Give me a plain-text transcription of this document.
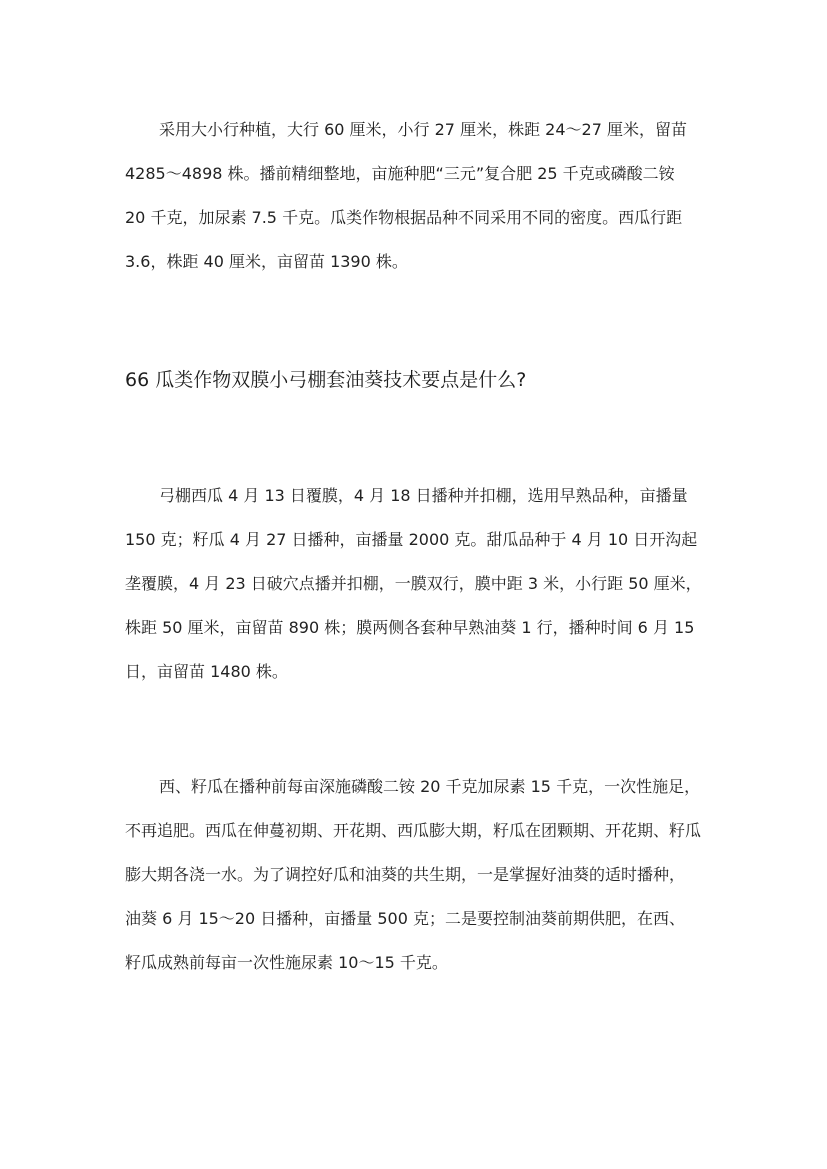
采用大小行种植，大行 60 厘米，小行 27 厘米，株距 24～27 厘米，留苗
4285～4898 株。播前精细整地，亩施种肥“三元”复合肥 25 千克或磷酸二铵
20 千克，加尿素 7.5 千克。瓜类作物根据品种不同采用不同的密度。西瓜行距
3.6，株距 40 厘米，亩留苗 1390 株。
66 瓜类作物双膜小弓棚套油葵技术要点是什么?
弓棚西瓜 4 月 13 日覆膜，4 月 18 日播种并扣棚，选用早熟品种，亩播量
150 克；籽瓜 4 月 27 日播种，亩播量 2000 克。甜瓜品种于 4 月 10 日开沟起
垄覆膜，4 月 23 日破穴点播并扣棚，一膜双行，膜中距 3 米，小行距 50 厘米，
株距 50 厘米，亩留苗 890 株；膜两侧各套种早熟油葵 1 行，播种时间 6 月 15
日，亩留苗 1480 株。
西、籽瓜在播种前每亩深施磷酸二铵 20 千克加尿素 15 千克，一次性施足，
不再追肥。西瓜在伸蔓初期、开花期、西瓜膨大期，籽瓜在团颗期、开花期、籽瓜
膨大期各浇一水。为了调控好瓜和油葵的共生期，一是掌握好油葵的适时播种，
油葵 6 月 15～20 日播种，亩播量 500 克；二是要控制油葵前期供肥，在西、
籽瓜成熟前每亩一次性施尿素 10～15 千克。
